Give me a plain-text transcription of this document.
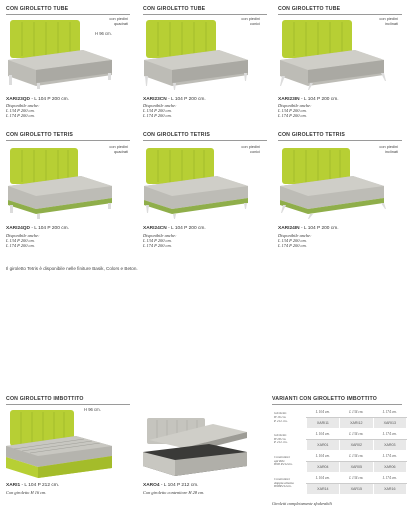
CON GIROLETTO TUBE	CON GIROLETTO TUBE	CON GIROLETTO TUBE
con piedini
quadrati
H 96 cm.
con piedini
conici
con piedini
inclinati
XARI23QD - L 104 P 200 cm.
Disponibile anche:
L 134 P 200 cm.
L 174 P 200 cm.
XARI23CN - L 104 P 200 cm.
Disponibile anche:
L 134 P 200 cm.
L 174 P 200 cm.
XARI23IN - L 104 P 200 cm.
Disponibile anche:
L 134 P 200 cm.
L 174 P 200 cm.
CON GIROLETTO TETRIS	CON GIROLETTO TETRIS	CON GIROLETTO TETRIS
con piedini
quadrati
con piedini
conici
con piedini
inclinati
XARI24QD - L 104 P 200 cm.
Disponibile anche:
L 134 P 200 cm.
L 174 P 200 cm.
XARI24CN - L 104 P 200 cm.
Disponibile anche:
L 134 P 200 cm.
L 174 P 200 cm.
XARI24IN - L 104 P 200 cm.
Disponibile anche:
L 134 P 200 cm.
L 174 P 200 cm.
Il giroletto Tetris è disponibile nelle finiture Basik, Colors e Beton.
CON GIROLETTO IMBOTTITO
H 96 cm.
VARIANTI CON GIROLETTO IMBOTTITO
XARI1 - L 104 P 212 cm.
Con giroletto H 16 cm.
XARO4 - L 104 P 212 cm.
Con giroletto contenitore H 28 cm.
Giroletto
H 16 cm.
P 212 cm.	L 104 cm.	L 134 cm.	L 174 cm.
	XARI11	XARI12	XARI13
Giroletto
H 28 cm.
P 212 cm.	L 104 cm.	L 134 cm.	L 174 cm.
	XAR01	XAR02	XAR03
Contenitore
apribile
H28 P212cm.	L 104 cm.	L 134 cm.	L 174 cm.
	XAR04	XAR05	XAR06
Contenitore
doppia altezza
H28P212cm.	L 104 cm.	L 134 cm.	L 174 cm.
	XAR14	XAR15	XAR16
Giroletti completamente sfoderabili
